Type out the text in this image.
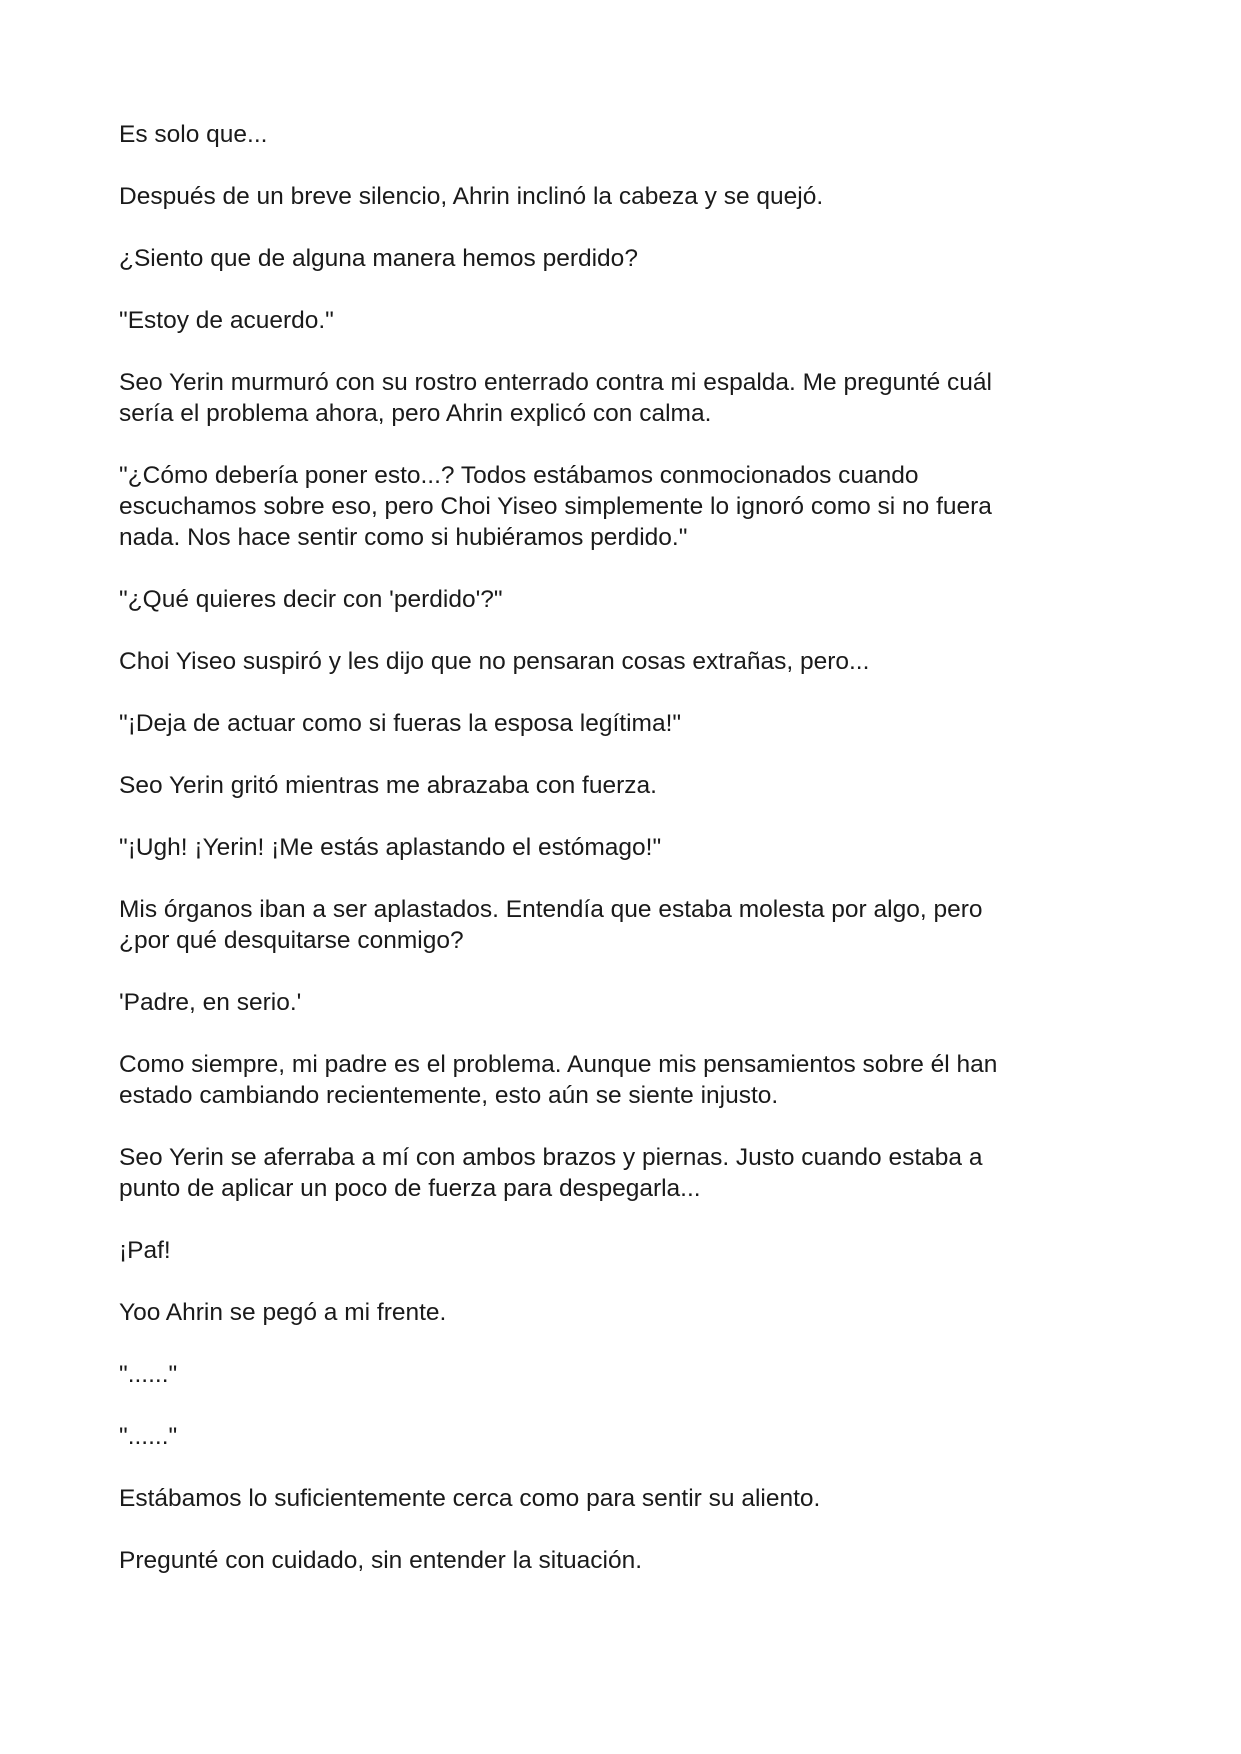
Es solo que...

Después de un breve silencio, Ahrin inclinó la cabeza y se quejó.

¿Siento que de alguna manera hemos perdido?

"Estoy de acuerdo."

Seo Yerin murmuró con su rostro enterrado contra mi espalda. Me pregunté cuál
sería el problema ahora, pero Ahrin explicó con calma.

"¿Cómo debería poner esto...? Todos estábamos conmocionados cuando
escuchamos sobre eso, pero Choi Yiseo simplemente lo ignoró como si no fuera
nada. Nos hace sentir como si hubiéramos perdido."

"¿Qué quieres decir con 'perdido'?"

Choi Yiseo suspiró y les dijo que no pensaran cosas extrañas, pero...

"¡Deja de actuar como si fueras la esposa legítima!"

Seo Yerin gritó mientras me abrazaba con fuerza.

"¡Ugh! ¡Yerin! ¡Me estás aplastando el estómago!"

Mis órganos iban a ser aplastados. Entendía que estaba molesta por algo, pero
¿por qué desquitarse conmigo?

'Padre, en serio.'

Como siempre, mi padre es el problema. Aunque mis pensamientos sobre él han
estado cambiando recientemente, esto aún se siente injusto.

Seo Yerin se aferraba a mí con ambos brazos y piernas. Justo cuando estaba a
punto de aplicar un poco de fuerza para despegarla...

¡Paf!

Yoo Ahrin se pegó a mi frente.

"......"

"......"

Estábamos lo suficientemente cerca como para sentir su aliento.

Pregunté con cuidado, sin entender la situación.
